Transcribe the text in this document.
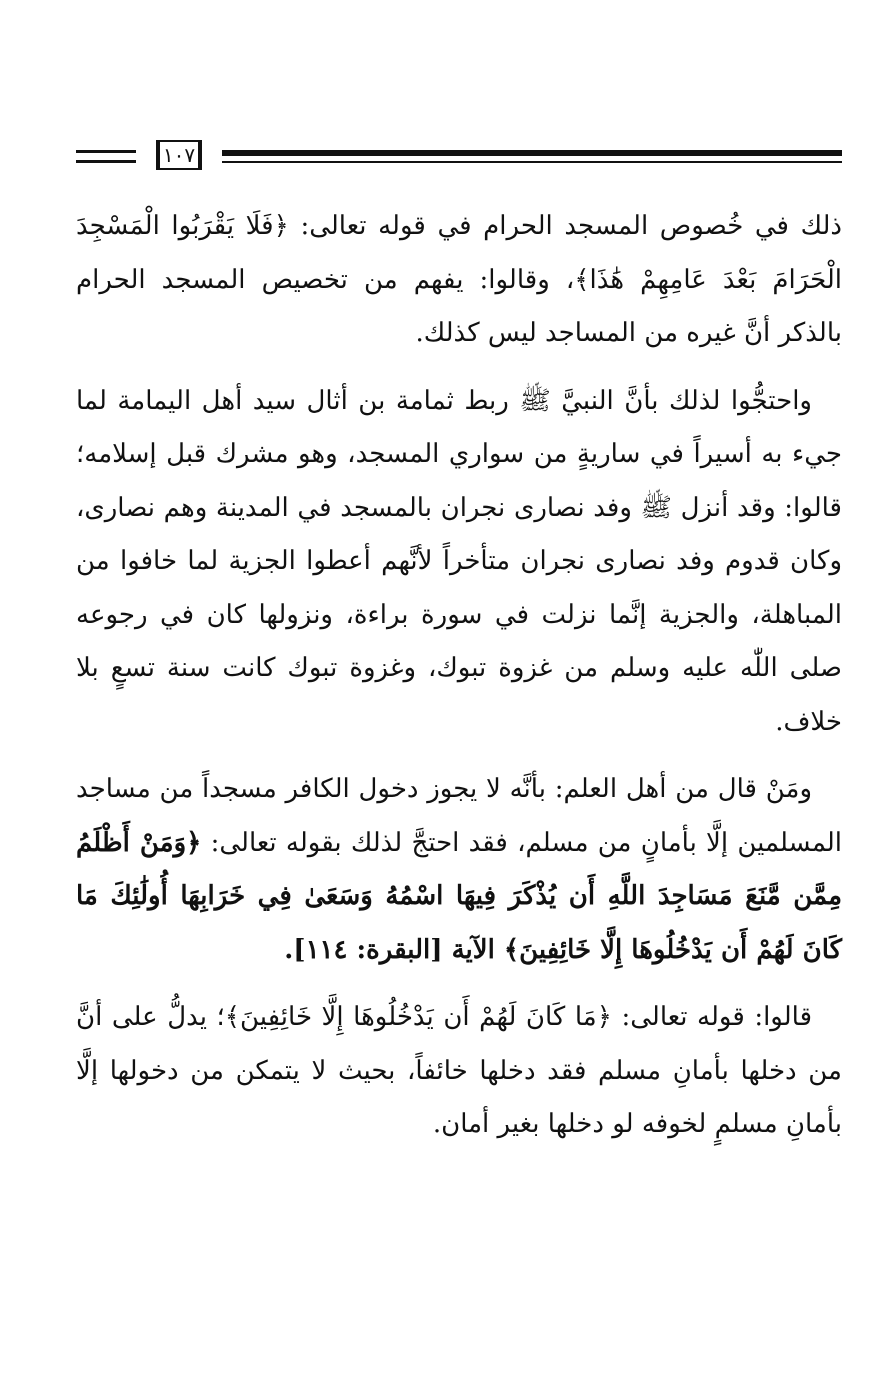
١٠٧

ذلك في خُصوص المسجد الحرام في قوله تعالى: ﴿فَلَا يَقْرَبُوا الْمَسْجِدَ الْحَرَامَ بَعْدَ عَامِهِمْ هَٰذَا﴾، وقالوا: يفهم من تخصيص المسجد الحرام بالذكر أنَّ غيره من المساجد ليس كذلك.

واحتجُّوا لذلك بأنَّ النبيَّ ﷺ ربط ثمامة بن أثال سيد أهل اليمامة لما جيء به أسيراً في ساريةٍ من سواري المسجد، وهو مشرك قبل إسلامه؛ قالوا: وقد أنزل ﷺ وفد نصارى نجران بالمسجد في المدينة وهم نصارى، وكان قدوم وفد نصارى نجران متأخراً لأنَّهم أعطوا الجزية لما خافوا من المباهلة، والجزية إنَّما نزلت في سورة براءة، ونزولها كان في رجوعه صلى اللّٰه عليه وسلم من غزوة تبوك، وغزوة تبوك كانت سنة تسعٍ بلا خلاف.

ومَنْ قال من أهل العلم: بأنَّه لا يجوز دخول الكافر مسجداً من مساجد المسلمين إلَّا بأمانٍ من مسلم، فقد احتجَّ لذلك بقوله تعالى: ﴿وَمَنْ أَظْلَمُ مِمَّن مَّنَعَ مَسَاجِدَ اللَّهِ أَن يُذْكَرَ فِيهَا اسْمُهُ وَسَعَىٰ فِي خَرَابِهَا أُولَٰئِكَ مَا كَانَ لَهُمْ أَن يَدْخُلُوهَا إِلَّا خَائِفِينَ﴾ الآية [البقرة: ١١٤].

قالوا: قوله تعالى: ﴿مَا كَانَ لَهُمْ أَن يَدْخُلُوهَا إِلَّا خَائِفِينَ﴾؛ يدلُّ على أنَّ من دخلها بأمانِ مسلم فقد دخلها خائفاً، بحيث لا يتمكن من دخولها إلَّا بأمانِ مسلمٍ لخوفه لو دخلها بغير أمان.
